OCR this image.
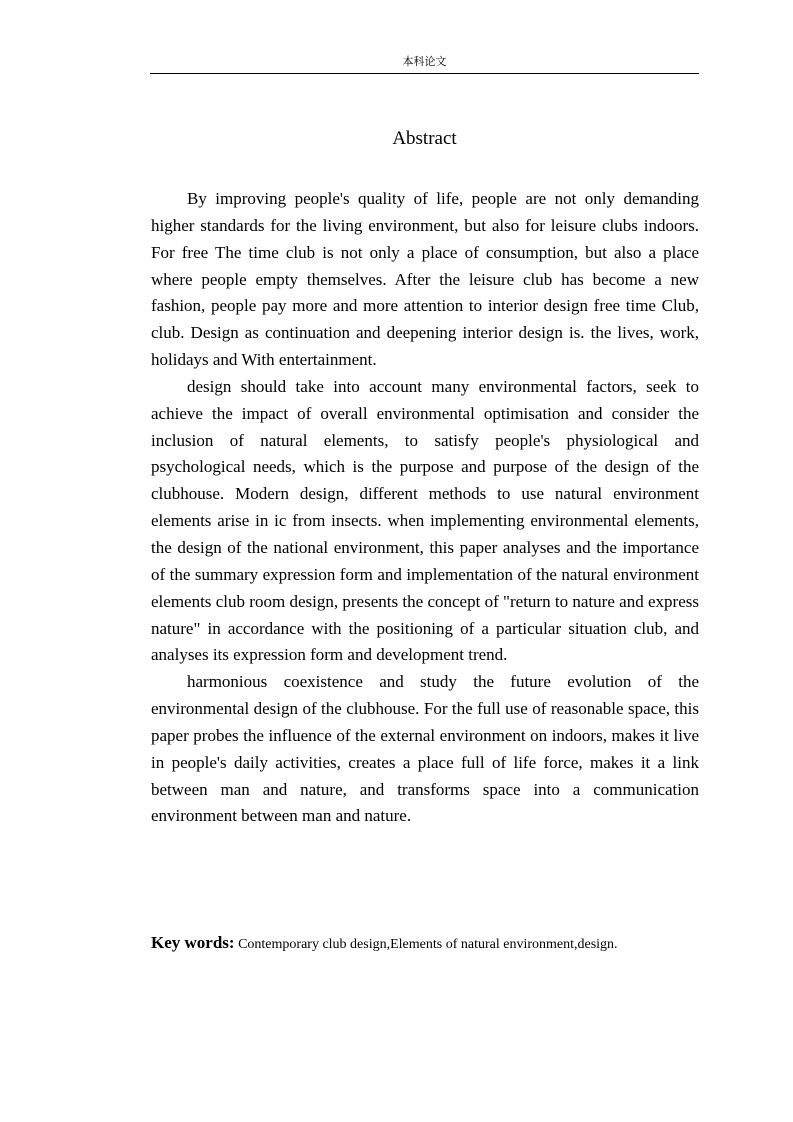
本科论文
Abstract

By improving people's quality of life, people are not only demanding higher standards for the living environment, but also for leisure clubs indoors. For free The time club is not only a place of consumption, but also a place where people empty themselves. After the leisure club has become a new fashion, people pay more and more attention to interior design free time Club, club. Design as continuation and deepening interior design is. the lives, work, holidays and With entertainment.

design should take into account many environmental factors, seek to achieve the impact of overall environmental optimisation and consider the inclusion of natural elements, to satisfy people's physiological and psychological needs, which is the purpose and purpose of the design of the clubhouse. Modern design, different methods to use natural environment elements arise in ic from insects. when implementing environmental elements, the design of the national environment, this paper analyses and the importance of the summary expression form and implementation of the natural environment elements club room design, presents the concept of "return to nature and express nature" in accordance with the positioning of a particular situation club, and analyses its expression form and development trend.

harmonious coexistence and study the future evolution of the environmental design of the clubhouse. For the full use of reasonable space, this paper probes the influence of the external environment on indoors, makes it live in people's daily activities, creates a place full of life force, makes it a link between man and nature, and transforms space into a communication environment between man and nature.

Key words: Contemporary club design,Elements of natural environment,design.
